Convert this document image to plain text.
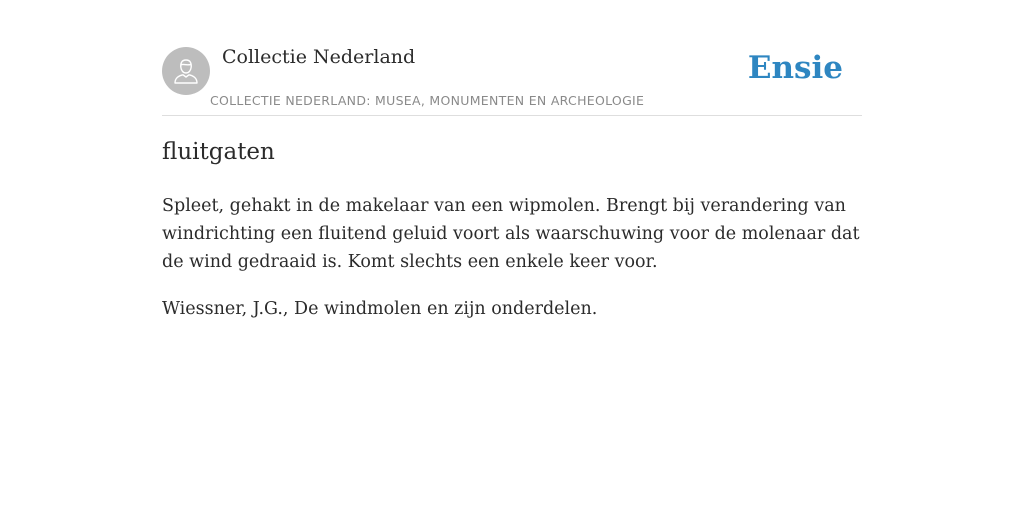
Collectie Nederland
COLLECTIE NEDERLAND: MUSEA, MONUMENTEN EN ARCHEOLOGIE
Ensie
fluitgaten

Spleet, gehakt in de makelaar van een wipmolen. Brengt bij verandering van windrichting een fluitend geluid voort als waarschuwing voor de molenaar dat de wind gedraaid is. Komt slechts een enkele keer voor.

Wiessner, J.G., De windmolen en zijn onderdelen.
